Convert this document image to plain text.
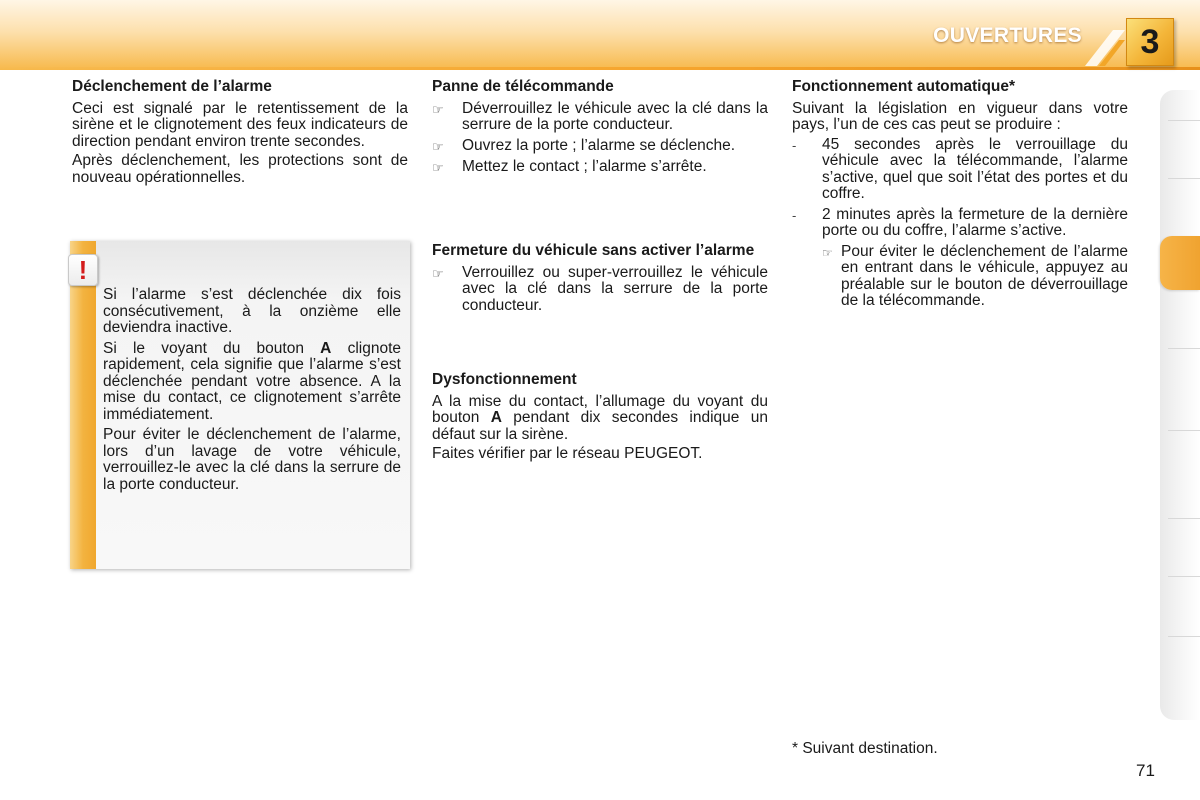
OUVERTURES	3
Déclenchement de l’alarme

Ceci est signalé par le retentissement de la sirène et le clignotement des feux indicateurs de direction pendant environ trente secondes.

Après déclenchement, les protections sont de nouveau opérationnelles.

!

Si l’alarme s’est déclenchée dix fois consécutivement, à la onzième elle deviendra inactive.

Si le voyant du bouton A clignote rapidement, cela signifie que l’alarme s’est déclenchée pendant votre absence. A la mise du contact, ce clignotement s’arrête immédiatement.

Pour éviter le déclenchement de l’alarme, lors d’un lavage de votre véhicule, verrouillez-le avec la clé dans la serrure de la porte conducteur.

Panne de télécommande
☞	Déverrouillez le véhicule avec la clé dans la serrure de la porte conducteur.
☞	Ouvrez la porte ; l’alarme se déclenche.
☞	Mettez le contact ; l’alarme s’arrête.
Fermeture du véhicule sans activer l’alarme
☞	Verrouillez ou super-verrouillez le véhicule avec la clé dans la serrure de la porte conducteur.
Dysfonctionnement

A la mise du contact, l’allumage du voyant du bouton A pendant dix secondes indique un défaut sur la sirène.

Faites vérifier par le réseau PEUGEOT.

Fonctionnement automatique*

Suivant la législation en vigueur dans votre pays, l’un de ces cas peut se produire :

-	45 secondes après le verrouillage du véhicule avec la télécommande, l’alarme s’active, quel que soit l’état des portes et du coffre.
-	2 minutes après la fermeture de la dernière porte ou du coffre, l’alarme s’active.
☞ Pour éviter le déclenchement de l’alarme en entrant dans le véhicule, appuyez au préalable sur le bouton de déverrouillage de la télécommande.
* Suivant destination.
71
